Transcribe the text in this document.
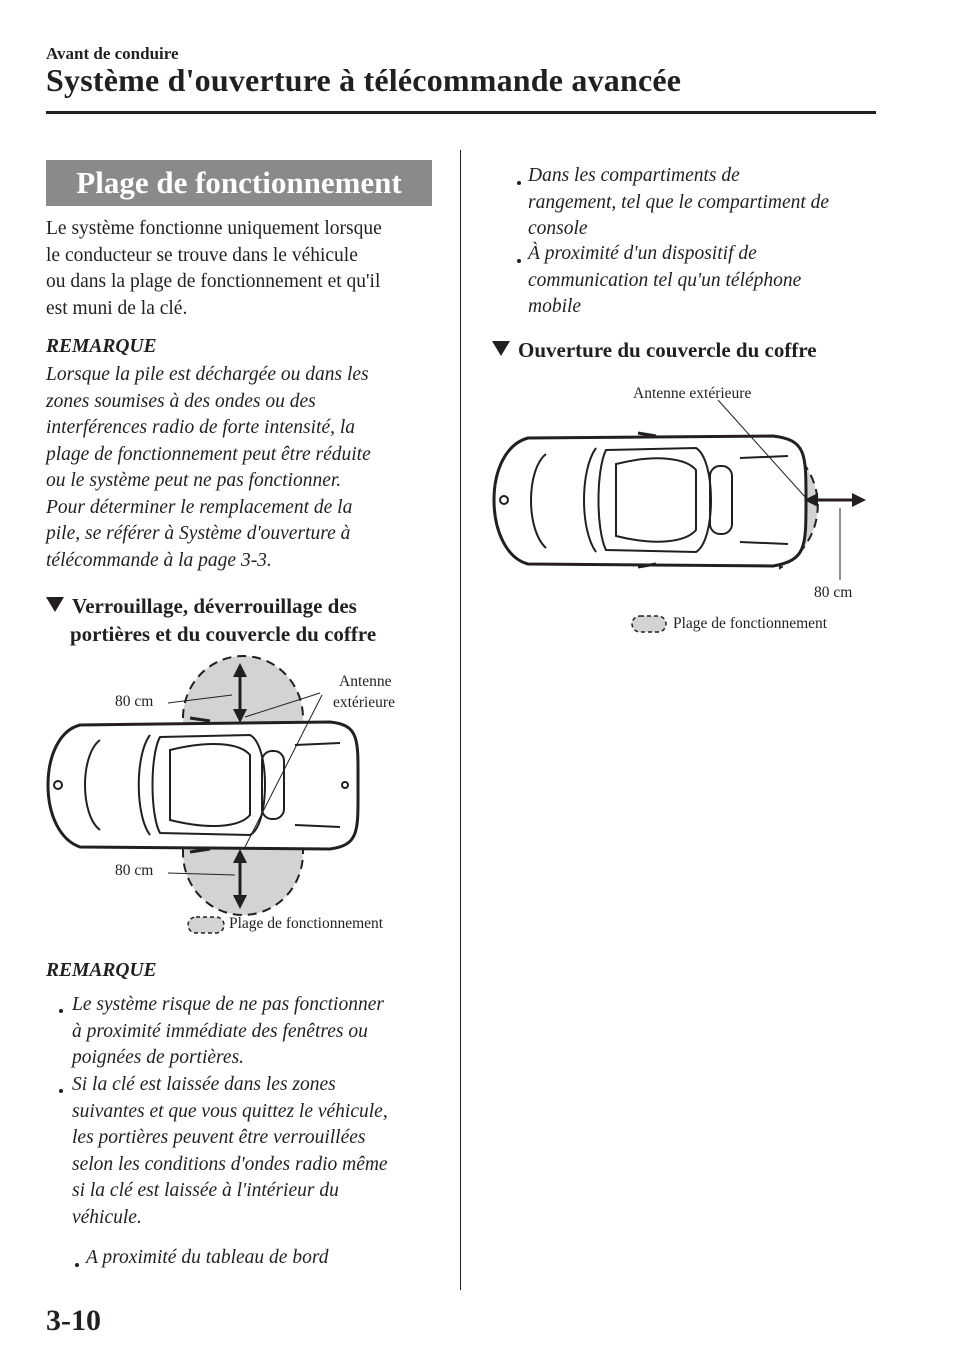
Avant de conduire
Système d'ouverture à télécommande avancée
Plage de fonctionnement
Le système fonctionne uniquement lorsque
le conducteur se trouve dans le véhicule
ou dans la plage de fonctionnement et qu'il
est muni de la clé.
REMARQUE
Lorsque la pile est déchargée ou dans les
zones soumises à des ondes ou des
interférences radio de forte intensité, la
plage de fonctionnement peut être réduite
ou le système peut ne pas fonctionner.
Pour déterminer le remplacement de la
pile, se référer à Système d'ouverture à
télécommande à la page 3-3.
Verrouillage, déverrouillage des
portières et du couvercle du coffre
80 cm
Antenne
extérieure
80 cm
Plage de fonctionnement
REMARQUE
Le système risque de ne pas fonctionner
à proximité immédiate des fenêtres ou
poignées de portières.
Si la clé est laissée dans les zones
suivantes et que vous quittez le véhicule,
les portières peuvent être verrouillées
selon les conditions d'ondes radio même
si la clé est laissée à l'intérieur du
véhicule.
A proximité du tableau de bord
3-10
Dans les compartiments de
rangement, tel que le compartiment de
console
À proximité d'un dispositif de
communication tel qu'un téléphone
mobile
Ouverture du couvercle du coffre
Antenne extérieure
80 cm
Plage de fonctionnement
